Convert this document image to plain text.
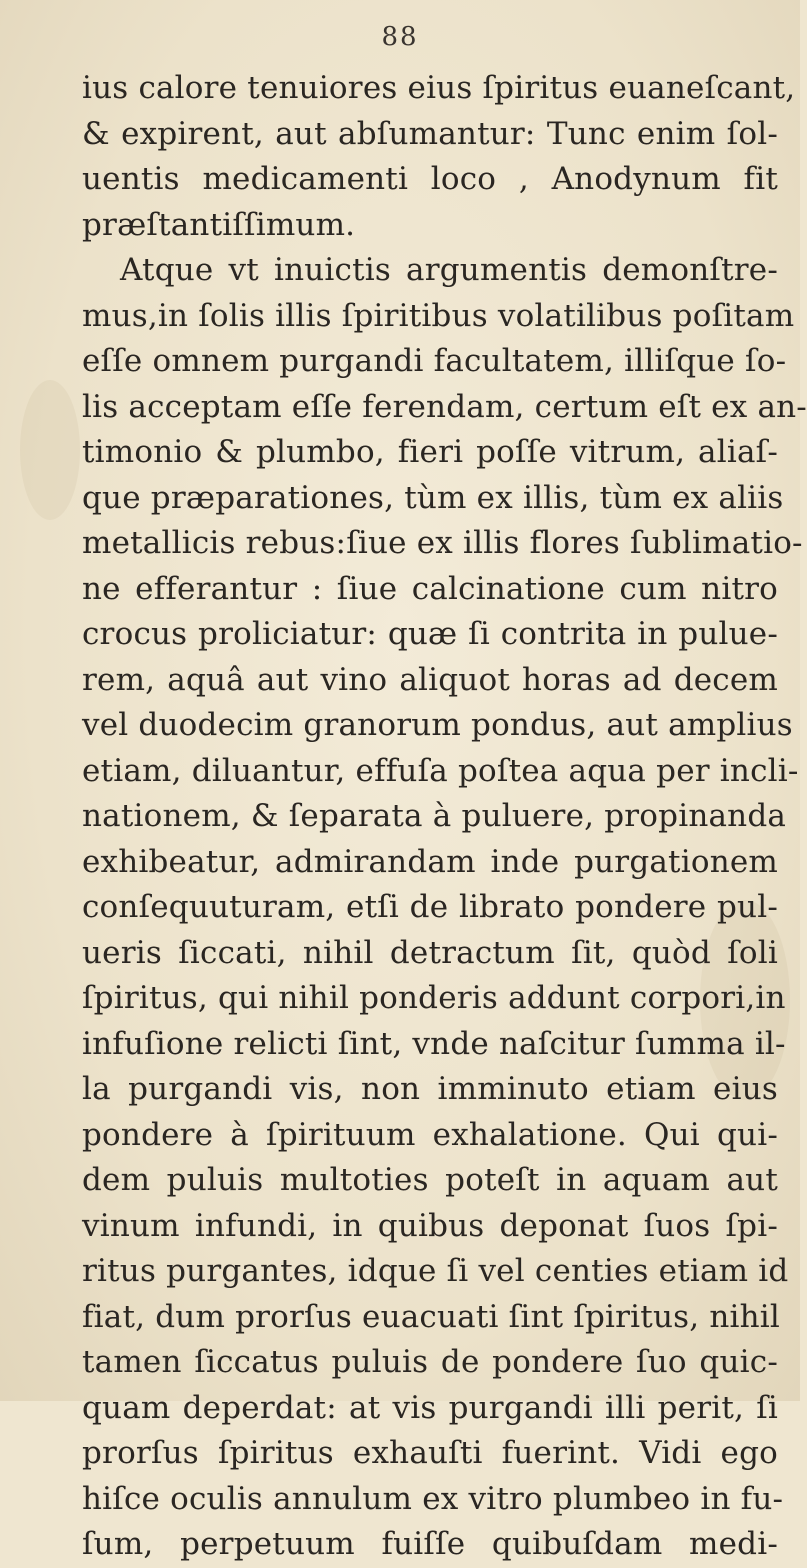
88
ius calore tenuiores eius ſpiritus euaneſcant,
& expirent, aut abſumantur: Tunc enim ſol-
uentis medicamenti loco , Anodynum fit
præſtantiſſimum.
Atque vt inuictis argumentis demonſtre-
mus,in ſolis illis ſpiritibus volatilibus poſitam
eſſe omnem purgandi facultatem, illiſque ſo-
lis acceptam eſſe ferendam, certum eſt ex an-
timonio & plumbo, fieri poſſe vitrum, aliaſ-
que præparationes, tùm ex illis, tùm ex aliis
metallicis rebus:ſiue ex illis flores ſublimatio-
ne efferantur : ſiue calcinatione cum nitro
crocus proliciatur: quæ ſi contrita in pulue-
rem, aquâ aut vino aliquot horas ad decem
vel duodecim granorum pondus, aut amplius
etiam, diluantur, effuſa poſtea aqua per incli-
nationem, & ſeparata à puluere, propinanda
exhibeatur, admirandam inde purgationem
conſequuturam, etſi de librato pondere pul-
ueris ſiccati, nihil detractum ſit, quòd ſoli
ſpiritus, qui nihil ponderis addunt corpori,in
infuſione relicti ſint, vnde naſcitur ſumma il-
la purgandi vis, non imminuto etiam eius
pondere à ſpirituum exhalatione. Qui qui-
dem puluis multoties poteſt in aquam aut
vinum infundi, in quibus deponat ſuos ſpi-
ritus purgantes, idque ſi vel centies etiam id
fiat, dum prorſus euacuati ſint ſpiritus, nihil
tamen ſiccatus puluis de pondere ſuo quic-
quam deperdat: at vis purgandi illi perit, ſi
prorſus ſpiritus exhauſti fuerint. Vidi ego
hiſce oculis annulum ex vitro plumbeo in fu-
ſum, perpetuum fuiſſe quibuſdam medi-
